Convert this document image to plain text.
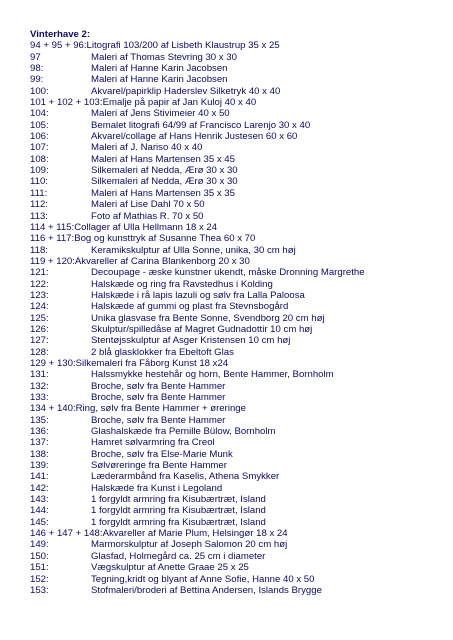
Vinterhave 2:
94 + 95 + 96:Litografi 103/200 af Lisbeth Klaustrup 35 x 25
97	Maleri af Thomas Stevring 30 x 30
98:	Maleri af Hanne Karin Jacobsen
99:	Maleri af Hanne Karin Jacobsen
100:	Akvarel/papirklip Haderslev Silketryk 40 x 40
101 + 102 + 103:Emalje på papir af Jan Kuloj 40 x 40
104:	Maleri af Jens Stivimeier 40 x 50
105:	Bemalet litografi 64/99 af Francisco Larenjo 30 x 40
106:	Akvarel/collage af Hans Henrik Justesen 60 x 60
107:	Maleri af J. Nariso 40 x 40
108:	Maleri af Hans Martensen 35 x 45
109:	Silkemaleri af Nedda, Ærø 30 x 30
110:	Silkemaleri af Nedda, Ærø 30 x 30
111:	Maleri af Hans Martensen 35 x 35
112:	Maleri af Lise Dahl 70 x 50
113:	Foto af Mathias R. 70 x 50
114 + 115:Collager af Ulla Hellmann 18 x 24
116 + 117:Bog og kunsttryk af Susanne Thea 60 x 70
118:	Keramikskulptur af Ulla Sonne, unika, 30 cm høj
119 + 120:Akvareller af Carina Blankenborg 20 x 30
121:	Decoupage - æske kunstner ukendt, måske Dronning Margrethe
122:	Halskæde og ring fra Ravstedhus i Kolding
123:	Halskæde i rå lapis lazuli og sølv fra Lalla Paloosa
124:	Halskæde af gummi og plast fra Stevnsbogård
125:	Unika glasvase fra Bente Sonne, Svendborg 20 cm høj
126:	Skulptur/spilledåse af Magret Gudnadottir 10 cm høj
127:	Stentøjsskulptur af Asger Kristensen 10 cm høj
128:	2 blå glasklokker fra Ebeltoft Glas
129 + 130:Silkemaleri fra Fåborg Kunst 18 x24
131:	Halssmykke hestehår og horn, Bente Hammer, Bornholm
132:	Broche, sølv fra Bente Hammer
133:	Broche, sølv fra Bente Hammer
134 + 140:Ring, sølv fra Bente Hammer + øreringe
135:	Broche, sølv fra Bente Hammer
136:	Glashalskæde fra Pernille Bülow, Bornholm
137:	Hamret sølvarmring fra Creol
138:	Broche, sølv fra Else-Marie Munk
139:	Sølvøreringe fra Bente Hammer
141:	Læderarmbånd fra Kaselis, Athena Smykker
142:	Halskæde fra Kunst i Legoland
143:	1 forgyldt armring fra Kisubærtræt, Island
144:	1 forgyldt armring fra Kisubærtræt, Island
145:	1 forgyldt armring fra Kisubærtræt, Island
146 + 147 + 148:Akvareller af Marie Plum, Helsingør 18 x 24
149:	Marmorskulptur af Joseph Salomon 20 cm høj
150:	Glasfad, Holmegård ca. 25 cm i diameter
151:	Vægskulptur af Anette Graae 25 x 25
152:	Tegning,kridt og blyant af Anne Sofie, Hanne 40 x 50
153:	Stofmaleri/broderi af Bettina Andersen, Islands Brygge
